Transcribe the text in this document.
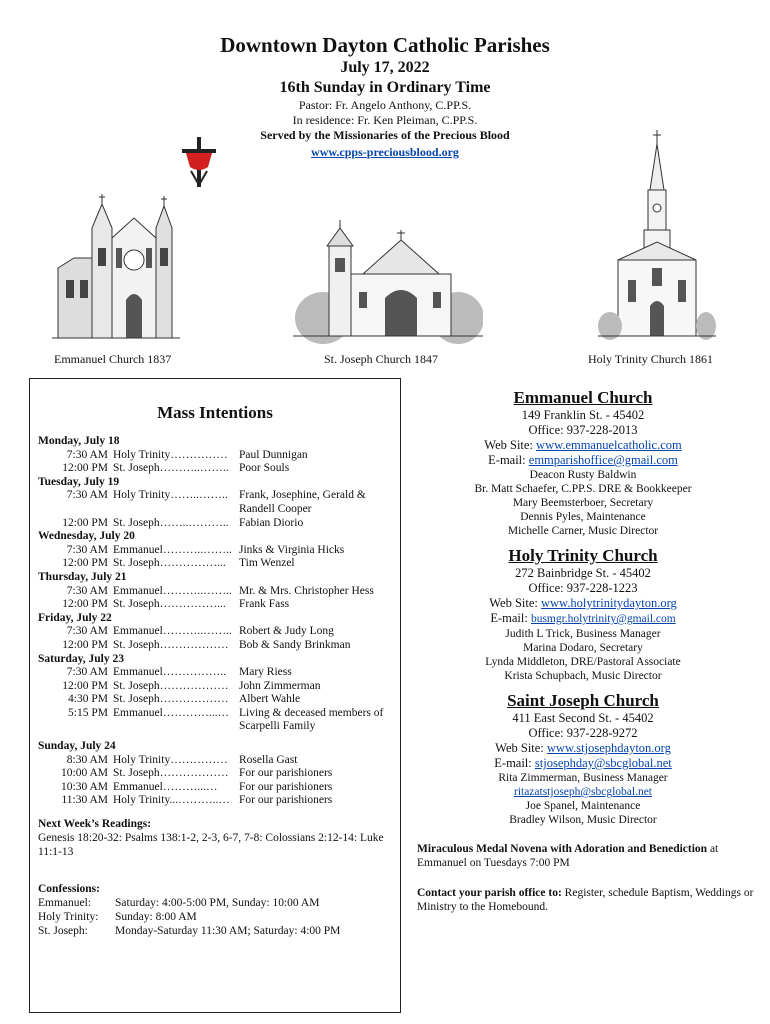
Downtown Dayton Catholic Parishes
July 17, 2022
16th Sunday in Ordinary Time
Pastor: Fr. Angelo Anthony, C.PP.S.
In residence: Fr. Ken Pleiman, C.PP.S.
Served by the Missionaries of the Precious Blood
www.cpps-preciousblood.org
Emmanuel Church 1837	St. Joseph Church 1847	Holy Trinity Church 1861
Mass Intentions
Monday, July 18
7:30 AM Holy Trinity…………… Paul Dunnigan
12:00 PM St. Joseph………..…….. Poor Souls
Tuesday, July 19
7:30 AM Holy Trinity……..…….. Frank, Josephine, Gerald & Randell Cooper
12:00 PM St. Joseph……..……….. Fabian Diorio
Wednesday, July 20
7:30 AM Emmanuel………..…….. Jinks & Virginia Hicks
12:00 PM St. Joseph……………...	Tim Wenzel
Thursday, July 21
7:30 AM Emmanuel………..…….. Mr. & Mrs. Christopher Hess
12:00 PM St. Joseph……………...	Frank Fass
Friday, July 22
7:30 AM Emmanuel………..…….. Robert & Judy Long
12:00 PM St. Joseph……………… Bob & Sandy Brinkman
Saturday, July 23
7:30 AM Emmanuel……………..	Mary Riess
12:00 PM St. Joseph……………… John Zimmerman
4:30 PM St. Joseph……………… Albert Wahle
5:15 PM Emmanuel…………...… Living & deceased members of Scarpelli Family
Sunday, July 24
8:30 AM Holy Trinity…………… Rosella Gast
10:00 AM St. Joseph……………… For our parishioners
10:30 AM Emmanuel………...…	For our parishioners
11:30 AM Holy Trinity...………..… For our parishioners
Next Week’s Readings:
Genesis 18:20-32: Psalms 138:1-2, 2-3, 6-7, 7-8: Colossians 2:12-14: Luke 11:1-13
Confessions:
Emmanuel:	Saturday: 4:00-5:00 PM, Sunday: 10:00 AM
Holy Trinity:	Sunday: 8:00 AM
St. Joseph:	Monday-Saturday 11:30 AM; Saturday: 4:00 PM
Emmanuel Church
149 Franklin St. - 45402
Office: 937-228-2013
Web Site: www.emmanuelcatholic.com
E-mail: emmparishoffice@gmail.com
Deacon Rusty Baldwin
Br. Matt Schaefer, C.PP.S. DRE & Bookkeeper
Mary Beemsterboer, Secretary
Dennis Pyles, Maintenance
Michelle Carner, Music Director
Holy Trinity Church
272 Bainbridge St. - 45402
Office: 937-228-1223
Web Site: www.holytrinitydayton.org
E-mail: busmgr.holytrinity@gmail.com
Judith L Trick, Business Manager
Marina Dodaro, Secretary
Lynda Middleton, DRE/Pastoral Associate
Krista Schupbach, Music Director
Saint Joseph Church
411 East Second St. - 45402
Office: 937-228-9272
Web Site: www.stjosephdayton.org
E-mail: stjosephday@sbcglobal.net
Rita Zimmerman, Business Manager
ritazatstjoseph@sbcglobal.net
Joe Spanel, Maintenance
Bradley Wilson, Music Director
Miraculous Medal Novena with Adoration and Benediction at Emmanuel on Tuesdays 7:00 PM
Contact your parish office to: Register, schedule Baptism, Weddings or Ministry to the Homebound.
